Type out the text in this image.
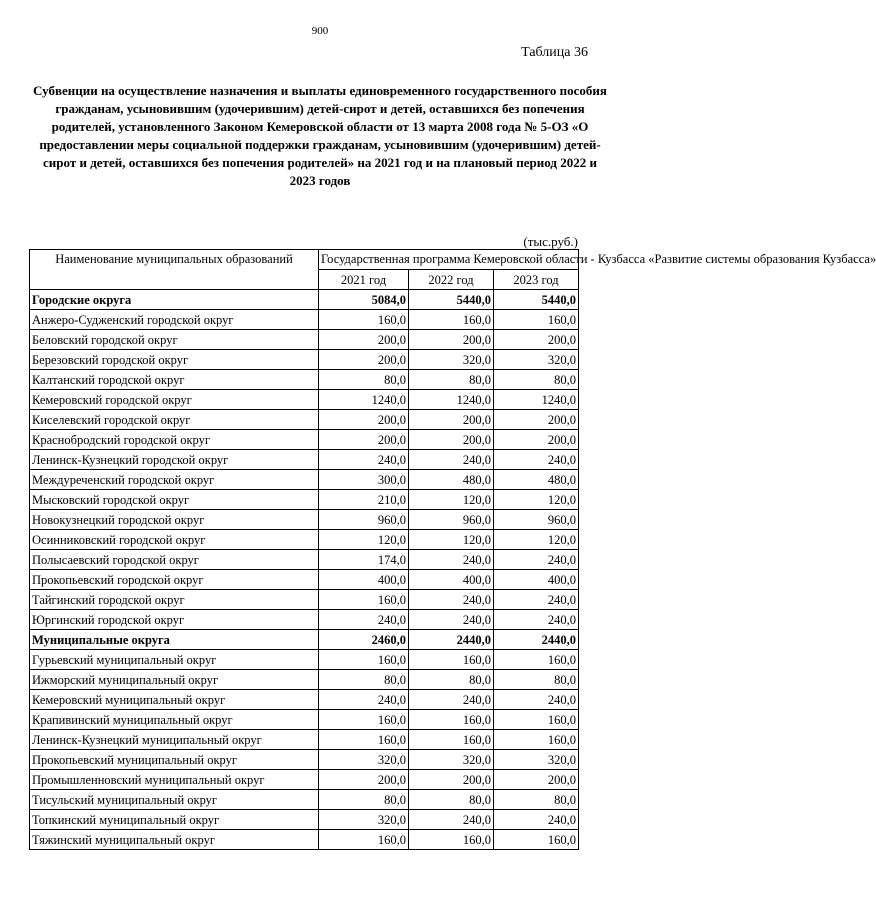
900
Таблица 36

Субвенции на осуществление назначения и выплаты единовременного государственного пособия гражданам, усыновившим (удочерившим) детей-сирот и детей, оставшихся без попечения родителей, установленного Законом Кемеровской области от 13 марта 2008 года № 5-ОЗ «О предоставлении меры социальной поддержки гражданам, усыновившим (удочерившим) детей-сирот и детей, оставшихся без попечения родителей» на 2021 год и на плановый период 2022 и 2023 годов

(тыс.руб.)
Наименование муниципальных образований	Государственная программа Кемеровской области - Кузбасса «Развитие системы образования Кузбасса»		
	2021 год	2022 год	2023 год
Городские округа	5084,0	5440,0	5440,0
Анжеро-Судженский городской округ	160,0	160,0	160,0
Беловский городской округ	200,0	200,0	200,0
Березовский городской округ	200,0	320,0	320,0
Калтанский городской округ	80,0	80,0	80,0
Кемеровский городской округ	1240,0	1240,0	1240,0
Киселевский городской округ	200,0	200,0	200,0
Краснобродский городской округ	200,0	200,0	200,0
Ленинск-Кузнецкий городской округ	240,0	240,0	240,0
Междуреченский городской округ	300,0	480,0	480,0
Мысковский городской округ	210,0	120,0	120,0
Новокузнецкий городской округ	960,0	960,0	960,0
Осинниковский городской округ	120,0	120,0	120,0
Полысаевский городской округ	174,0	240,0	240,0
Прокопьевский городской округ	400,0	400,0	400,0
Тайгинский городской округ	160,0	240,0	240,0
Юргинский городской округ	240,0	240,0	240,0
Муниципальные округа	2460,0	2440,0	2440,0
Гурьевский муниципальный округ	160,0	160,0	160,0
Ижморский муниципальный округ	80,0	80,0	80,0
Кемеровский муниципальный округ	240,0	240,0	240,0
Крапивинский муниципальный округ	160,0	160,0	160,0
Ленинск-Кузнецкий муниципальный округ	160,0	160,0	160,0
Прокопьевский муниципальный округ	320,0	320,0	320,0
Промышленновский муниципальный округ	200,0	200,0	200,0
Тисульский муниципальный округ	80,0	80,0	80,0
Топкинский муниципальный округ	320,0	240,0	240,0
Тяжинский муниципальный округ	160,0	160,0	160,0
